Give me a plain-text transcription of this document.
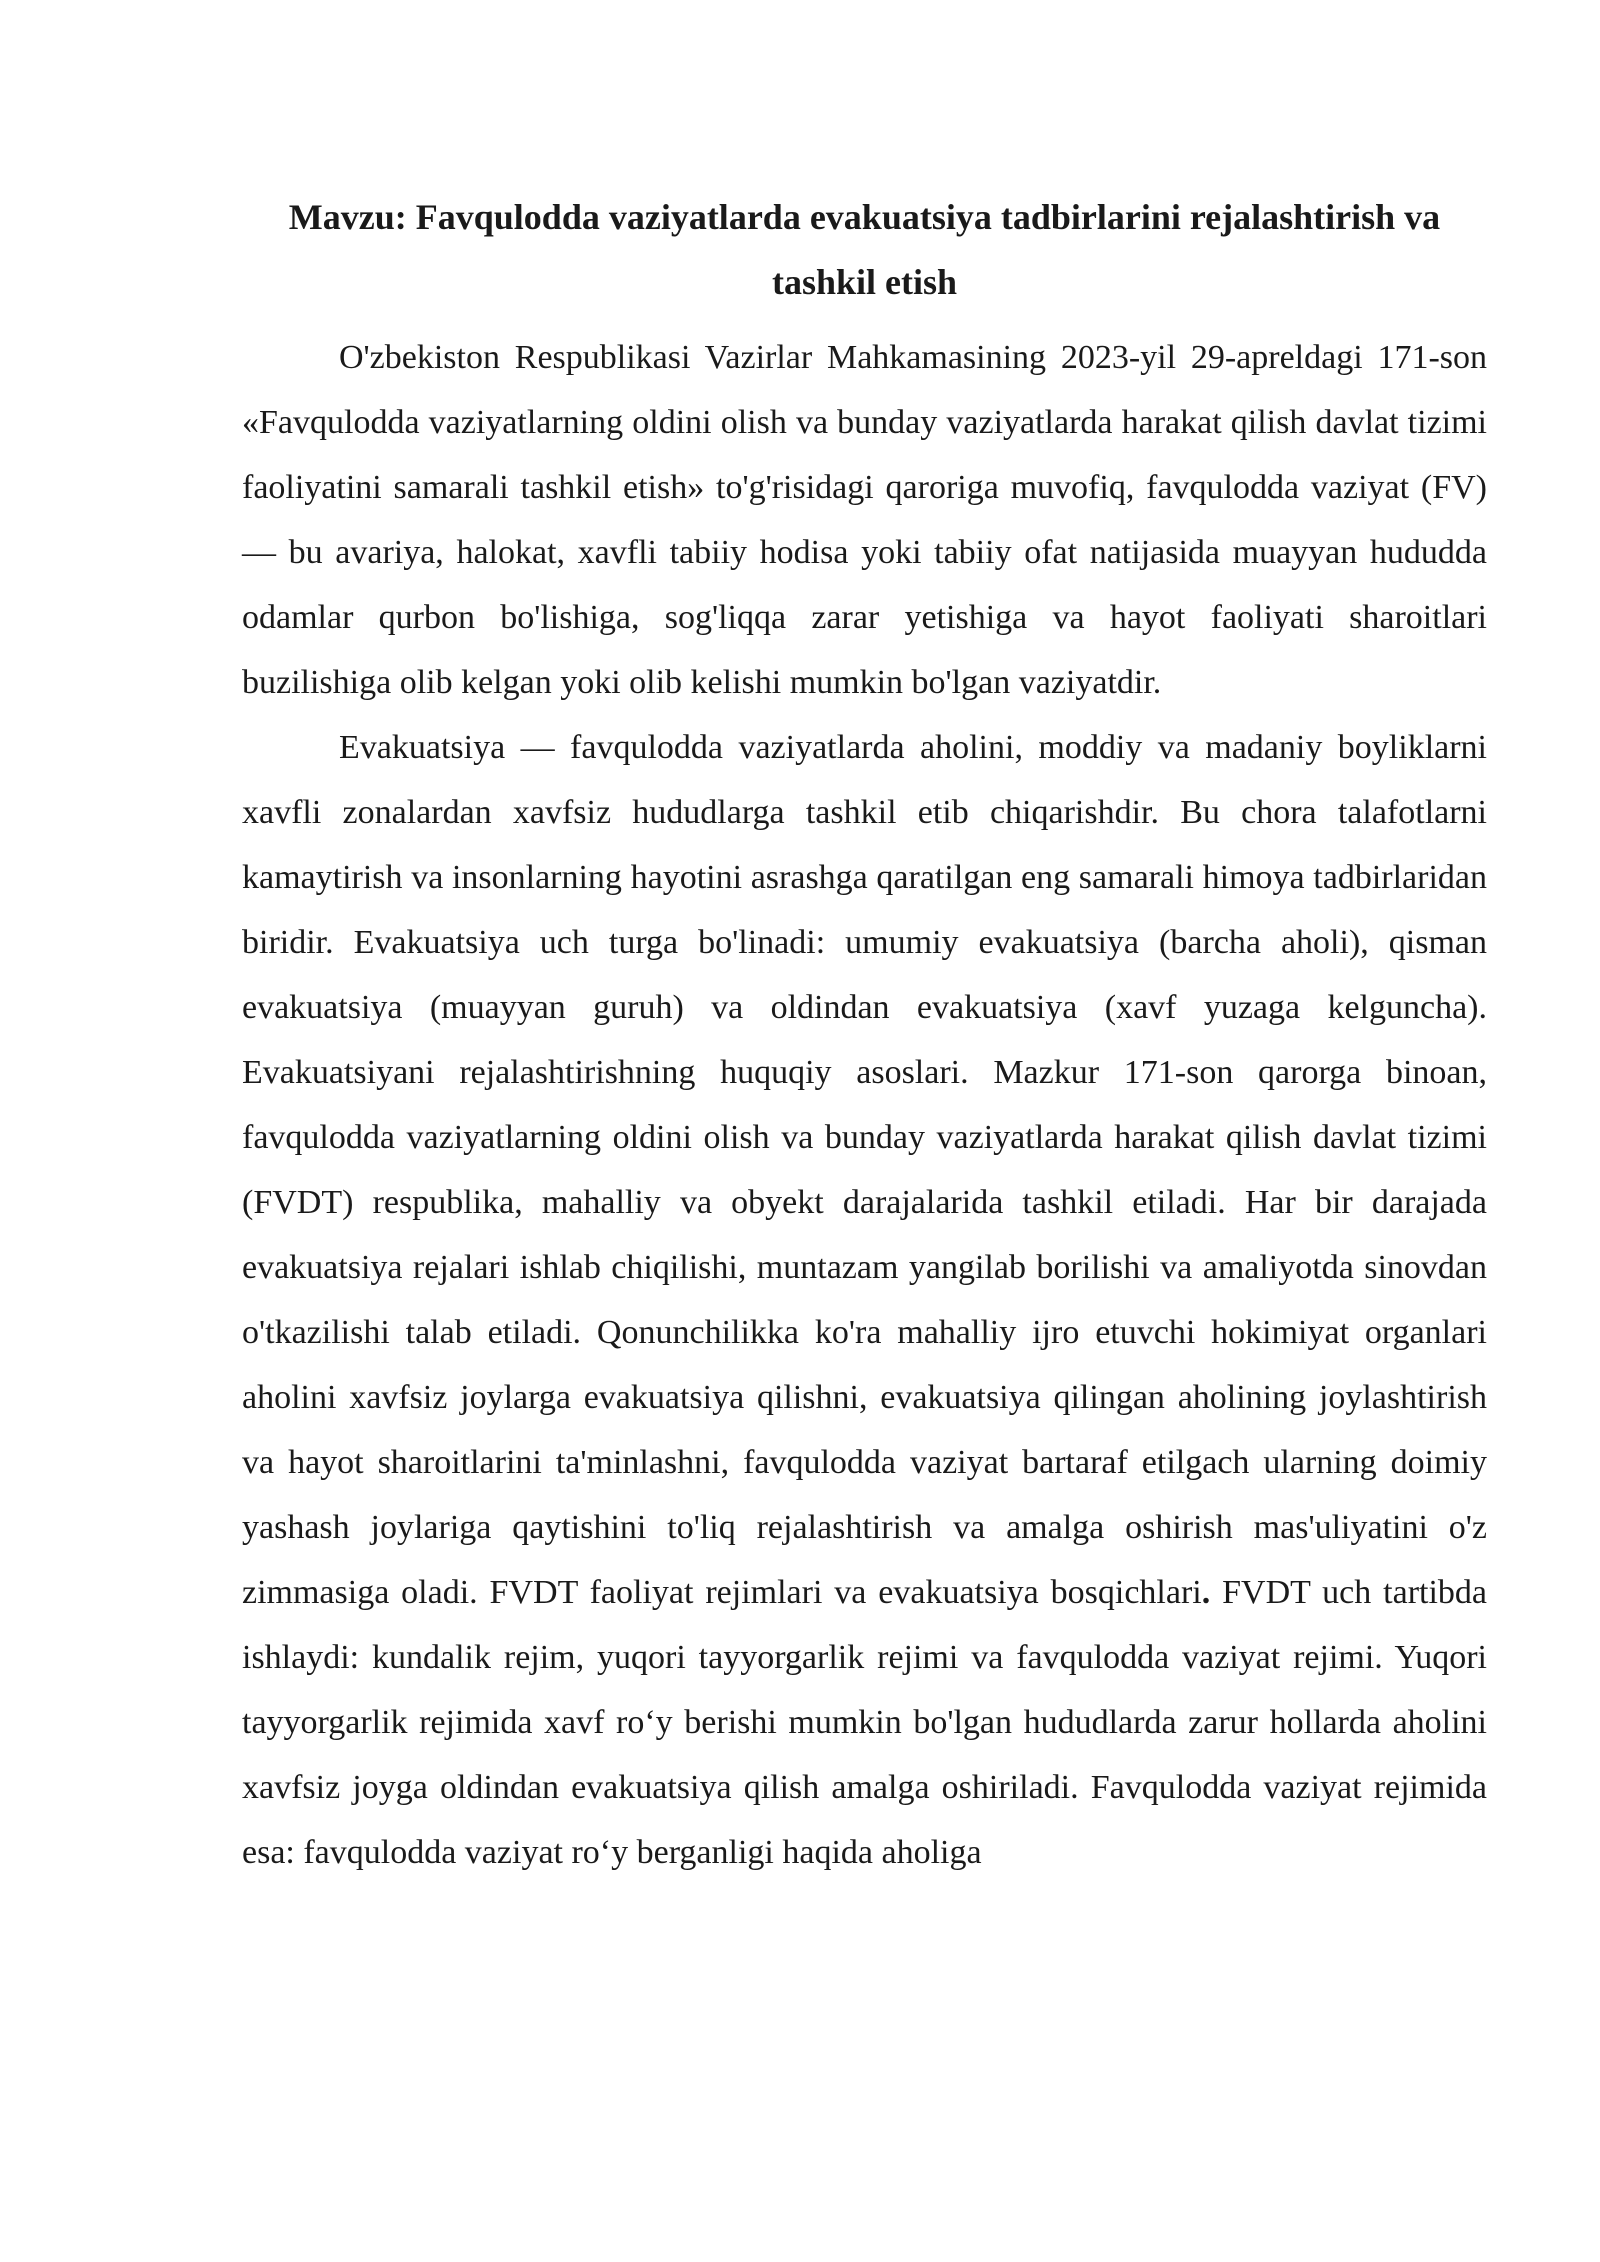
Mavzu: Favqulodda vaziyatlarda evakuatsiya tadbirlarini rejalashtirish va
tashkil etish

O'zbekiston Respublikasi Vazirlar Mahkamasining 2023-yil 29-apreldagi 171-son «Favqulodda vaziyatlarning oldini olish va bunday vaziyatlarda harakat qilish davlat tizimi faoliyatini samarali tashkil etish» to'g'risidagi qaroriga muvofiq, favqulodda vaziyat (FV) — bu avariya, halokat, xavfli tabiiy hodisa yoki tabiiy ofat natijasida muayyan hududda odamlar qurbon bo'lishiga, sog'liqqa zarar yetishiga va hayot faoliyati sharoitlari buzilishiga olib kelgan yoki olib kelishi mumkin bo'lgan vaziyatdir.

Evakuatsiya — favqulodda vaziyatlarda aholini, moddiy va madaniy boyliklarni xavfli zonalardan xavfsiz hududlarga tashkil etib chiqarishdir. Bu chora talafotlarni kamaytirish va insonlarning hayotini asrashga qaratilgan eng samarali himoya tadbirlaridan biridir. Evakuatsiya uch turga bo'linadi: umumiy evakuatsiya (barcha aholi), qisman evakuatsiya (muayyan guruh) va oldindan evakuatsiya (xavf yuzaga kelguncha). Evakuatsiyani rejalashtirishning huquqiy asoslari. Mazkur 171-son qarorga binoan, favqulodda vaziyatlarning oldini olish va bunday vaziyatlarda harakat qilish davlat tizimi (FVDT) respublika, mahalliy va obyekt darajalarida tashkil etiladi. Har bir darajada evakuatsiya rejalari ishlab chiqilishi, muntazam yangilab borilishi va amaliyotda sinovdan o'tkazilishi talab etiladi. Qonunchilikka ko'ra mahalliy ijro etuvchi hokimiyat organlari aholini xavfsiz joylarga evakuatsiya qilishni, evakuatsiya qilingan aholining joylashtirish va hayot sharoitlarini ta'minlashni, favqulodda vaziyat bartaraf etilgach ularning doimiy yashash joylariga qaytishini to'liq rejalashtirish va amalga oshirish mas'uliyatini o'z zimmasiga oladi. FVDT faoliyat rejimlari va evakuatsiya bosqichlari. FVDT uch tartibda ishlaydi: kundalik rejim, yuqori tayyorgarlik rejimi va favqulodda vaziyat rejimi. Yuqori tayyorgarlik rejimida xavf ro‘y berishi mumkin bo'lgan hududlarda zarur hollarda aholini xavfsiz joyga oldindan evakuatsiya qilish amalga oshiriladi. Favqulodda vaziyat rejimida esa: favqulodda vaziyat ro‘y berganligi haqida aholiga
